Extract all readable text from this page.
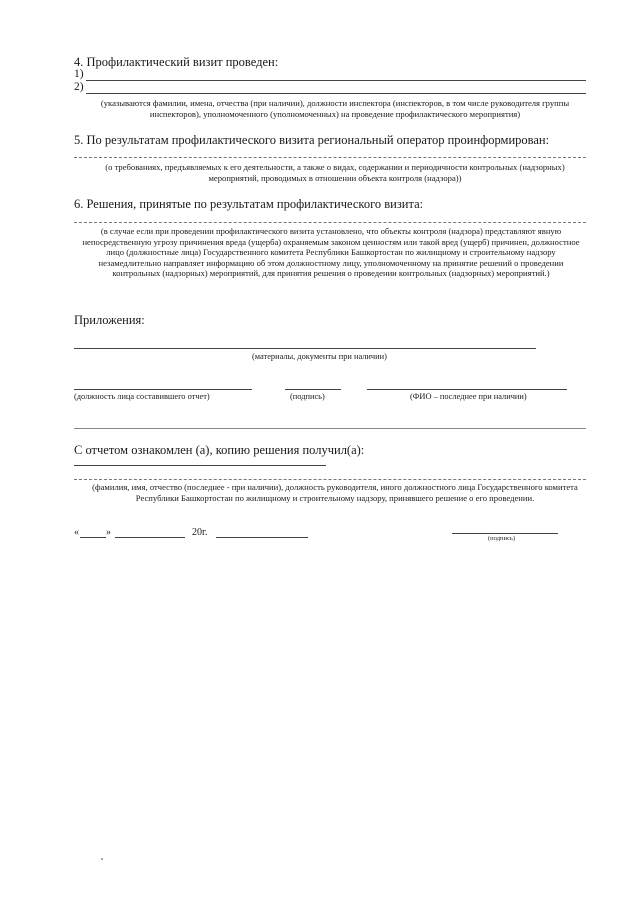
4. Профилактический визит проведен:
1)
2)
(указываются фамилии, имена, отчества (при наличии), должности инспектора (инспекторов, в том числе руководителя группы инспекторов), уполномоченного (уполномоченных) на проведение профилактического мероприятия)
5. По результатам профилактического визита региональный оператор проинформирован:
(о требованиях, предъявляемых к его деятельности, а также о видах, содержании и периодичности контрольных (надзорных) мероприятий, проводимых в отношении объекта контроля (надзора))
6. Решения, принятые по результатам профилактического визита:
(в случае если при проведении профилактического визита установлено, что объекты контроля (надзора) представляют явную непосредственную угрозу причинения вреда (ущерба) охраняемым законом ценностям или такой вред (ущерб) причинен, должностное лицо (должностные лица) Государственного комитета Республики Башкортостан по жилищному и строительному надзору незамедлительно направляет информацию об этом должностному лицу, уполномоченному на принятие решений о проведении контрольных (надзорных) мероприятий, для принятия решения о проведении контрольных (надзорных) мероприятий.)
Приложения:
(материалы, документы при наличии)
(должность лица составившего отчет)	(подпись)	(ФИО – последнее при наличии)
С отчетом ознакомлен (а), копию решения получил(а):
(фамилия, имя, отчество (последнее - при наличии), должность руководителя, иного должностного лица Государственного комитета Республики Башкортостан по жилищному и строительному надзору, принявшего решение о его проведении.
«	»	20г.
(подпись)
